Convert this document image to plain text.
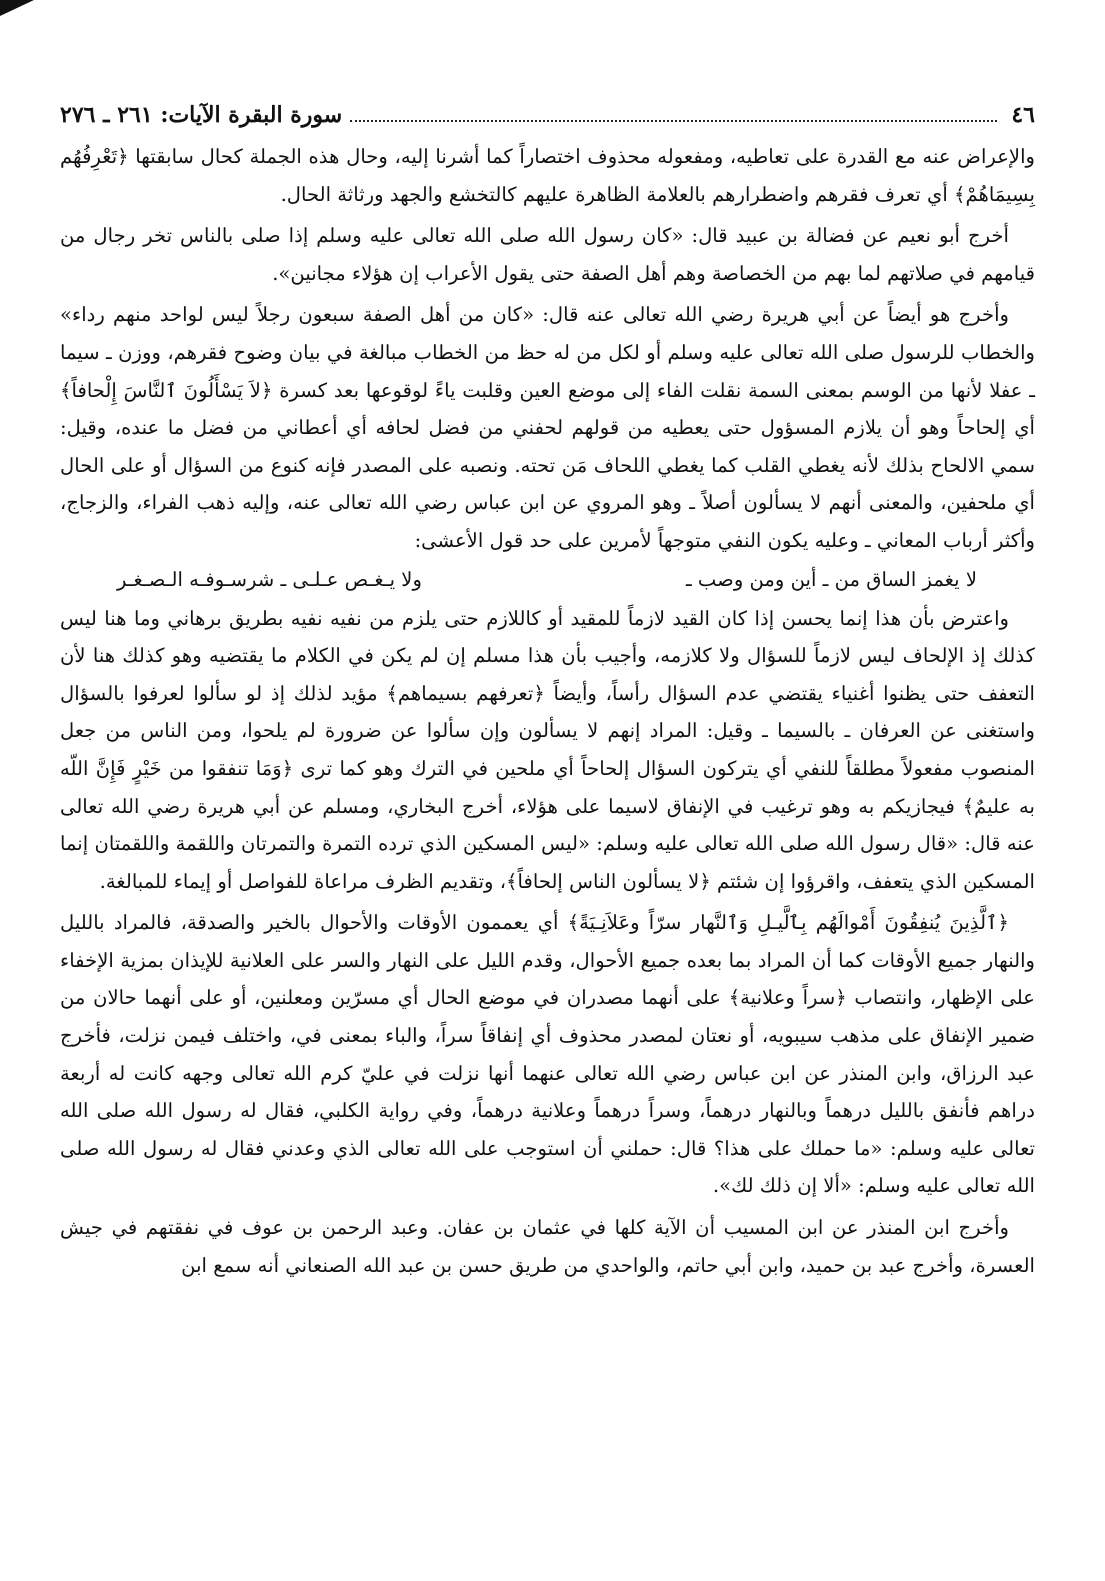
٤٦
سورة البقرة الآيات: ٢٦١ ـ ٢٧٦

والإعراض عنه مع القدرة على تعاطيه، ومفعوله محذوف اختصاراً كما أشرنا إليه، وحال هذه الجملة كحال سابقتها ﴿تَعْرِفُهُم بِسِيمَاهُمْ﴾ أي تعرف فقرهم واضطرارهم بالعلامة الظاهرة عليهم كالتخشع والجهد ورثاثة الحال.

أخرج أبو نعيم عن فضالة بن عبيد قال: «كان رسول الله صلى الله تعالى عليه وسلم إذا صلى بالناس تخر رجال من قيامهم في صلاتهم لما بهم من الخصاصة وهم أهل الصفة حتى يقول الأعراب إن هؤلاء مجانين».

وأخرج هو أيضاً عن أبي هريرة رضي الله تعالى عنه قال: «كان من أهل الصفة سبعون رجلاً ليس لواحد منهم رداء» والخطاب للرسول صلى الله تعالى عليه وسلم أو لكل من له حظ من الخطاب مبالغة في بيان وضوح فقرهم، ووزن ـ سيما ـ عفلا لأنها من الوسم بمعنى السمة نقلت الفاء إلى موضع العين وقلبت ياءً لوقوعها بعد كسرة ﴿لاَ يَسْأَلُونَ ٱلنَّاسَ إِلْحافاً﴾ أي إلحاحاً وهو أن يلازم المسؤول حتى يعطيه من قولهم لحفني من فضل لحافه أي أعطاني من فضل ما عنده، وقيل: سمي الالحاح بذلك لأنه يغطي القلب كما يغطي اللحاف مَن تحته. ونصبه على المصدر فإنه كنوع من السؤال أو على الحال أي ملحفين، والمعنى أنهم لا يسألون أصلاً ـ وهو المروي عن ابن عباس رضي الله تعالى عنه، وإليه ذهب الفراء، والزجاج، وأكثر أرباب المعاني ـ وعليه يكون النفي متوجهاً لأمرين على حد قول الأعشى:

لا يغمز الساق من ـ أين ومن وصب ـ
ولا يـغـص عـلـى ـ شرسـوفـه الـصـغـر

واعترض بأن هذا إنما يحسن إذا كان القيد لازماً للمقيد أو كاللازم حتى يلزم من نفيه نفيه بطريق برهاني وما هنا ليس كذلك إذ الإلحاف ليس لازماً للسؤال ولا كلازمه، وأجيب بأن هذا مسلم إن لم يكن في الكلام ما يقتضيه وهو كذلك هنا لأن التعفف حتى يظنوا أغنياء يقتضي عدم السؤال رأساً، وأيضاً ﴿تعرفهم بسيماهم﴾ مؤيد لذلك إذ لو سألوا لعرفوا بالسؤال واستغنى عن العرفان ـ بالسيما ـ وقيل: المراد إنهم لا يسألون وإن سألوا عن ضرورة لم يلحوا، ومن الناس من جعل المنصوب مفعولاً مطلقاً للنفي أي يتركون السؤال إلحاحاً أي ملحين في الترك وهو كما ترى ﴿وَمَا تنفقوا من خَيْرٍ فَإِنَّ اللّه به عليمٌ﴾ فيجازيكم به وهو ترغيب في الإنفاق لاسيما على هؤلاء، أخرج البخاري، ومسلم عن أبي هريرة رضي الله تعالى عنه قال: «قال رسول الله صلى الله تعالى عليه وسلم: «ليس المسكين الذي ترده التمرة والتمرتان واللقمة واللقمتان إنما المسكين الذي يتعفف، واقرؤوا إن شئتم ﴿لا يسألون الناس إلحافاً﴾، وتقديم الظرف مراعاة للفواصل أو إيماء للمبالغة.

﴿ٱلَّذِينَ يُنفِقُونَ أَمْوالَهُم بِٱلَّيـلِ وَٱلنَّهار سرّاً وعَلاَنِـيَةً﴾ أي يعممون الأوقات والأحوال بالخير والصدقة، فالمراد بالليل والنهار جميع الأوقات كما أن المراد بما بعده جميع الأحوال، وقدم الليل على النهار والسر على العلانية للإيذان بمزية الإخفاء على الإظهار، وانتصاب ﴿سراً وعلانية﴾ على أنهما مصدران في موضع الحال أي مسرّين ومعلنين، أو على أنهما حالان من ضمير الإنفاق على مذهب سيبويه، أو نعتان لمصدر محذوف أي إنفاقاً سراً، والباء بمعنى في، واختلف فيمن نزلت، فأخرج عبد الرزاق، وابن المنذر عن ابن عباس رضي الله تعالى عنهما أنها نزلت في عليّ كرم الله تعالى وجهه كانت له أربعة دراهم فأنفق بالليل درهماً وبالنهار درهماً، وسراً درهماً وعلانية درهماً، وفي رواية الكلبي، فقال له رسول الله صلى الله تعالى عليه وسلم: «ما حملك على هذا؟ قال: حملني أن استوجب على الله تعالى الذي وعدني فقال له رسول الله صلى الله تعالى عليه وسلم: «ألا إن ذلك لك».

وأخرج ابن المنذر عن ابن المسيب أن الآية كلها في عثمان بن عفان. وعبد الرحمن بن عوف في نفقتهم في جيش العسرة، وأخرج عبد بن حميد، وابن أبي حاتم، والواحدي من طريق حسن بن عبد الله الصنعاني أنه سمع ابن
